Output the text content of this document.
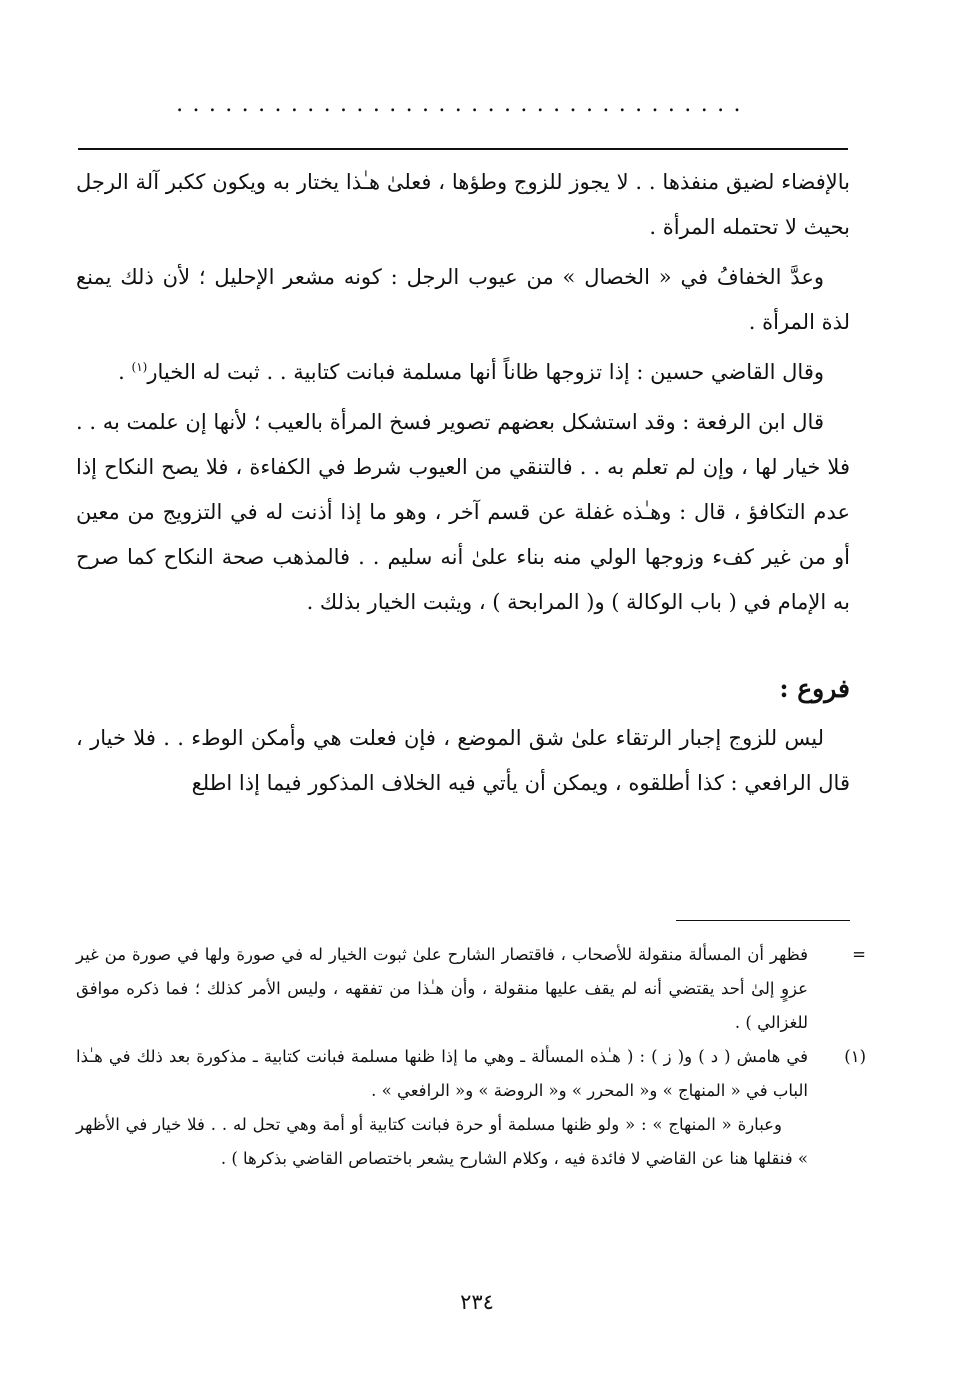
...................................

بالإفضاء لضيق منفذها . . لا يجوز للزوج وطؤها ، فعلىٰ هـٰذا يختار به ويكون ككبر آلة الرجل بحيث لا تحتمله المرأة .

وعدَّ الخفافُ في « الخصال » من عيوب الرجل : كونه مشعر الإحليل ؛ لأن ذلك يمنع لذة المرأة .

وقال القاضي حسين : إذا تزوجها ظاناً أنها مسلمة فبانت كتابية . . ثبت له الخيار$^{(١)}$ .

قال ابن الرفعة : وقد استشكل بعضهم تصوير فسخ المرأة بالعيب ؛ لأنها إن علمت به . . فلا خيار لها ، وإن لم تعلم به . . فالتنقي من العيوب شرط في الكفاءة ، فلا يصح النكاح إذا عدم التكافؤ ، قال : وهـٰذه غفلة عن قسم آخر ، وهو ما إذا أذنت له في التزويج من معين أو من غير كفء وزوجها الولي منه بناء علىٰ أنه سليم . . فالمذهب صحة النكاح كما صرح به الإمام في ( باب الوكالة ) و( المرابحة ) ، ويثبت الخيار بذلك .

فروع :

ليس للزوج إجبار الرتقاء علىٰ شق الموضع ، فإن فعلت هي وأمكن الوطء . . فلا خيار ، قال الرافعي : كذا أطلقوه ، ويمكن أن يأتي فيه الخلاف المذكور فيما إذا اطلع

=
فظهر أن المسألة منقولة للأصحاب ، فاقتصار الشارح علىٰ ثبوت الخيار له في صورة ولها في صورة من غير عزوٍ إلىٰ أحد يقتضي أنه لم يقف عليها منقولة ، وأن هـٰذا من تفقهه ، وليس الأمر كذلك ؛ فما ذكره موافق للغزالي ) .

(١)
في هامش ( د ) و( ز ) : ( هـٰذه المسألة ـ وهي ما إذا ظنها مسلمة فبانت كتابية ـ مذكورة بعد ذلك في هـٰذا الباب في « المنهاج » و« المحرر » و« الروضة » و« الرافعي » .
وعبارة « المنهاج » : « ولو ظنها مسلمة أو حرة فبانت كتابية أو أمة وهي تحل له . . فلا خيار في الأظهر » فنقلها هنا عن القاضي لا فائدة فيه ، وكلام الشارح يشعر باختصاص القاضي بذكرها ) .

٢٣٤
